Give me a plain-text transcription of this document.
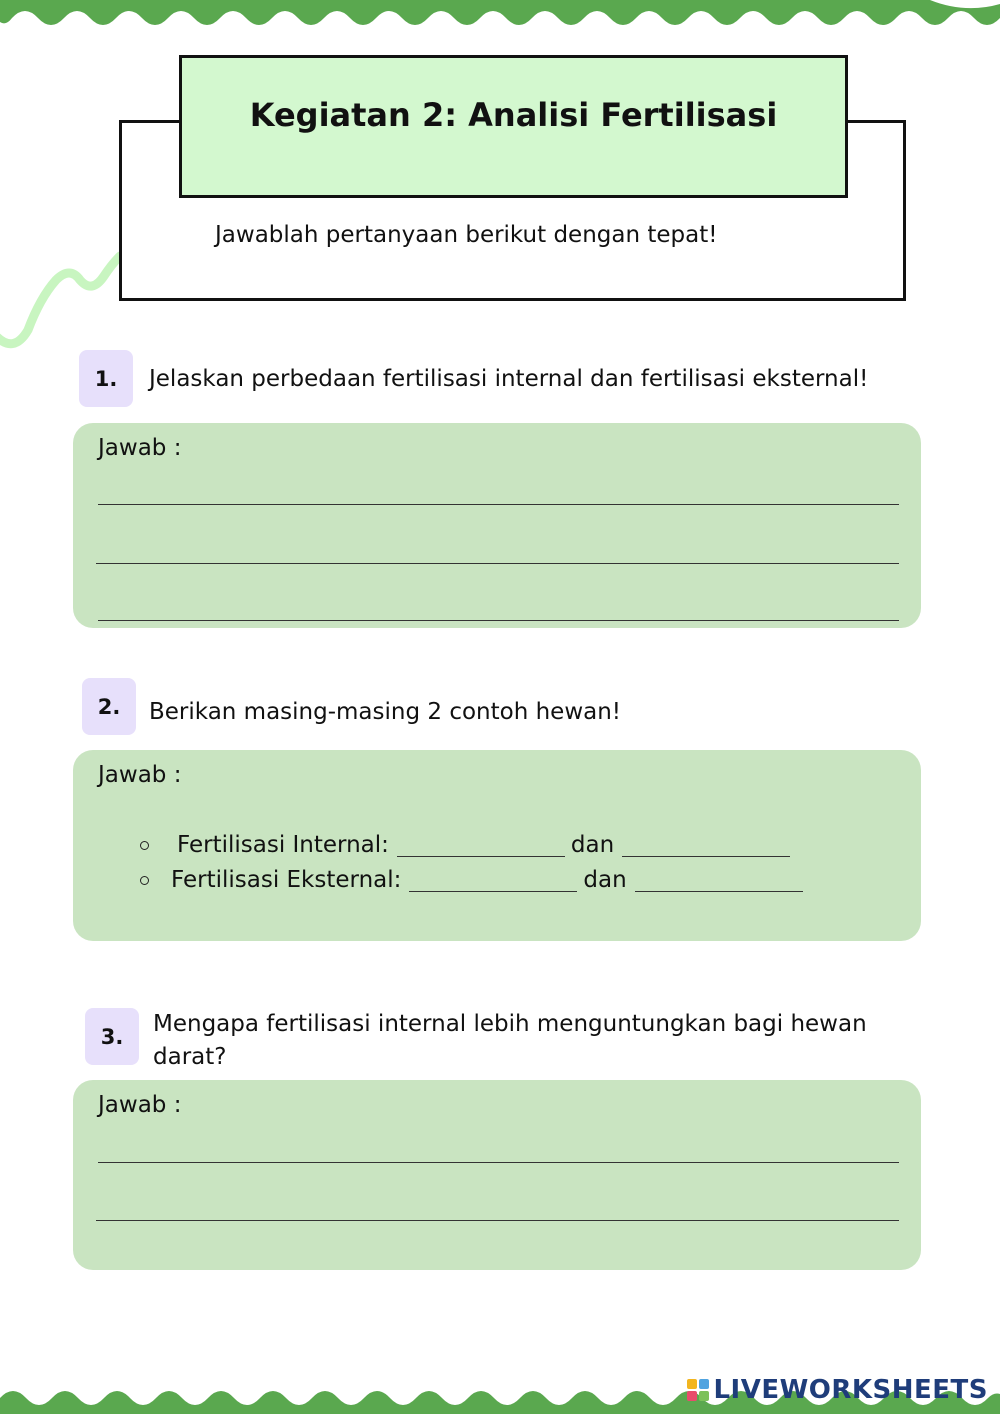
Kegiatan 2: Analisi Fertilisasi
Jawablah pertanyaan berikut dengan tepat!
1.	Jelaskan perbedaan fertilisasi internal dan fertilisasi eksternal!
Jawab :
2.	Berikan masing-masing 2 contoh hewan!
Jawab :
Fertilisasi Internal:	dan
Fertilisasi Eksternal:	dan
3.	Mengapa fertilisasi internal lebih menguntungkan bagi hewan darat?
Jawab :
LIVEWORKSHEETS
